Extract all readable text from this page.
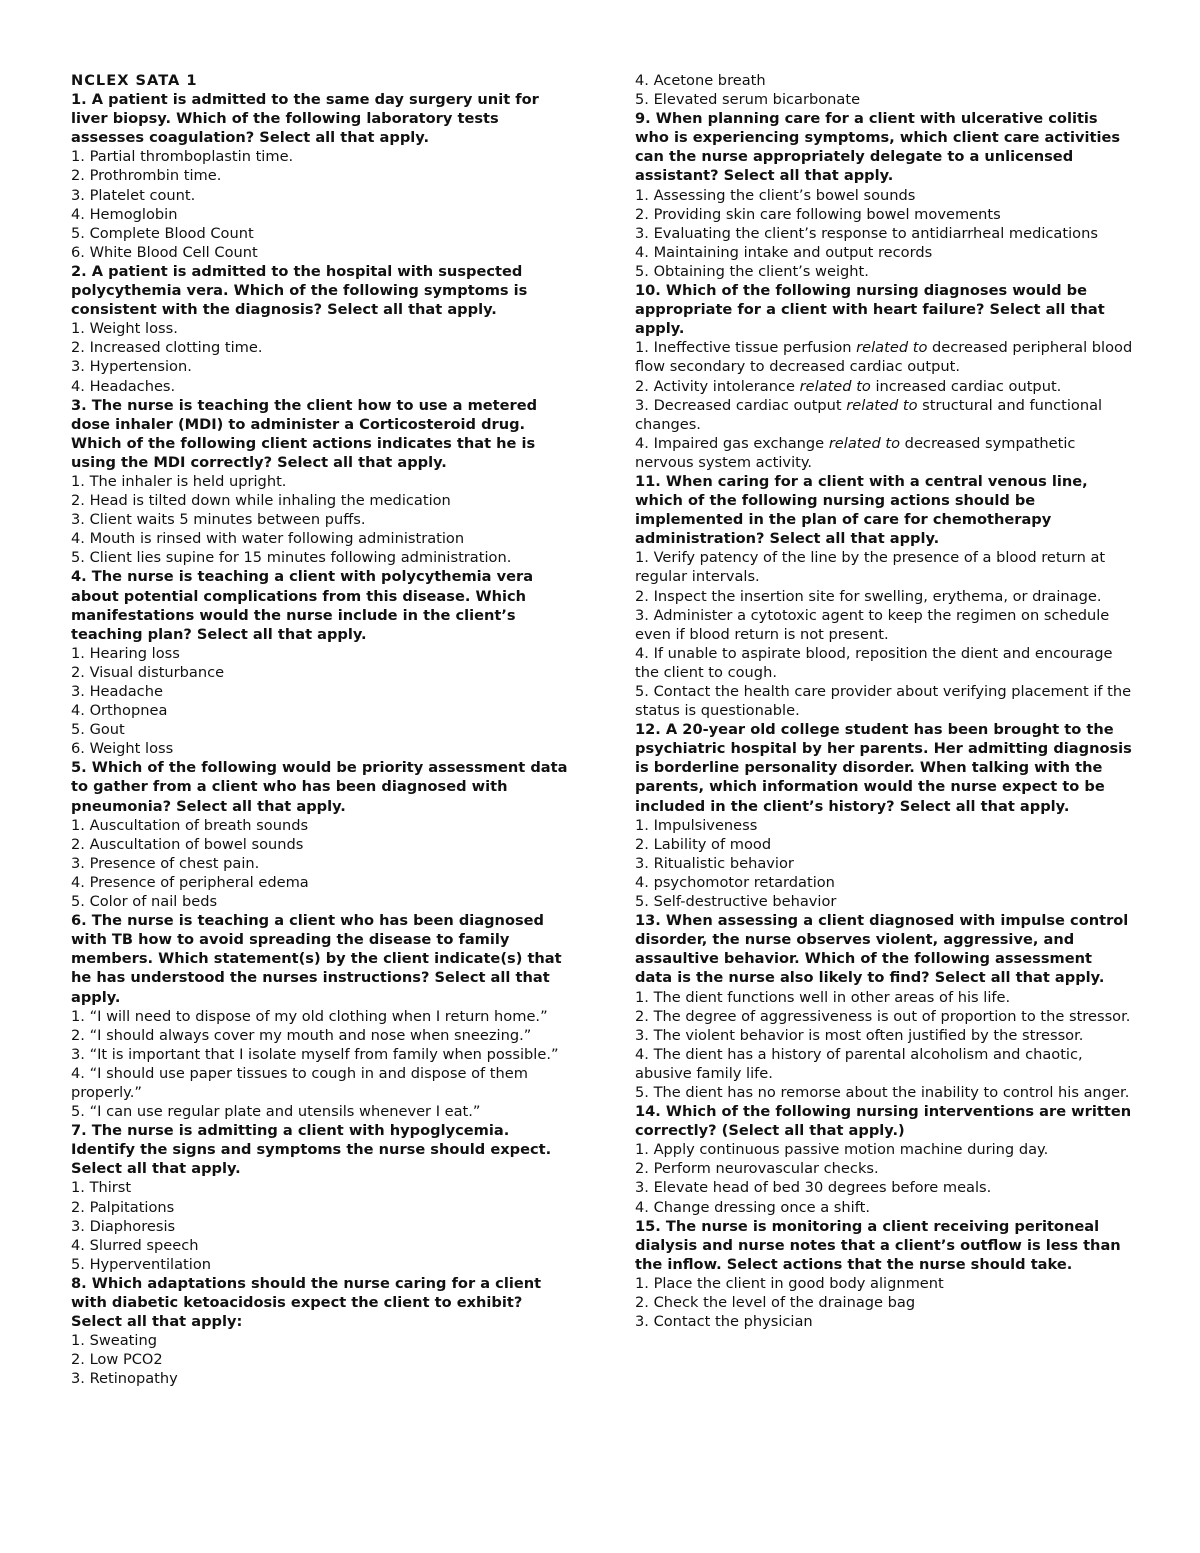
NCLEX SATA 1
1. A patient is admitted to the same day surgery unit for liver biopsy. Which of the following laboratory tests assesses coagulation? Select all that apply.
1. Partial thromboplastin time.
2. Prothrombin time.
3. Platelet count.
4. Hemoglobin
5. Complete Blood Count
6. White Blood Cell Count
2. A patient is admitted to the hospital with suspected polycythemia vera. Which of the following symptoms is consistent with the diagnosis? Select all that apply.
1. Weight loss.
2. Increased clotting time.
3. Hypertension.
4. Headaches.
3. The nurse is teaching the client how to use a metered dose inhaler (MDI) to administer a Corticosteroid drug. Which of the following client actions indicates that he is using the MDI correctly? Select all that apply.
1. The inhaler is held upright.
2. Head is tilted down while inhaling the medication
3. Client waits 5 minutes between puffs.
4. Mouth is rinsed with water following administration
5. Client lies supine for 15 minutes following administration.
4. The nurse is teaching a client with polycythemia vera about potential complications from this disease. Which manifestations would the nurse include in the client’s teaching plan? Select all that apply.
1. Hearing loss
2. Visual disturbance
3. Headache
4. Orthopnea
5. Gout
6. Weight loss
5. Which of the following would be priority assessment data to gather from a client who has been diagnosed with pneumonia? Select all that apply.
1. Auscultation of breath sounds
2. Auscultation of bowel sounds
3. Presence of chest pain.
4. Presence of peripheral edema
5. Color of nail beds
6. The nurse is teaching a client who has been diagnosed with TB how to avoid spreading the disease to family members. Which statement(s) by the client indicate(s) that he has understood the nurses instructions? Select all that apply.
1. “I will need to dispose of my old clothing when I return home.”
2. “I should always cover my mouth and nose when sneezing.”
3. “It is important that I isolate myself from family when possible.”
4. “I should use paper tissues to cough in and dispose of them properly.”
5. “I can use regular plate and utensils whenever I eat.”
7. The nurse is admitting a client with hypoglycemia. Identify the signs and symptoms the nurse should expect. Select all that apply.
1. Thirst
2. Palpitations
3. Diaphoresis
4. Slurred speech
5. Hyperventilation
8. Which adaptations should the nurse caring for a client with diabetic ketoacidosis expect the client to exhibit? Select all that apply:
1. Sweating
2. Low PCO2
3. Retinopathy
4. Acetone breath
5. Elevated serum bicarbonate
9. When planning care for a client with ulcerative colitis who is experiencing symptoms, which client care activities can the nurse appropriately delegate to a unlicensed assistant? Select all that apply.
1. Assessing the client’s bowel sounds
2. Providing skin care following bowel movements
3. Evaluating the client’s response to antidiarrheal medications
4. Maintaining intake and output records
5. Obtaining the client’s weight.
10. Which of the following nursing diagnoses would be appropriate for a client with heart failure? Select all that apply.
1. Ineffective tissue perfusion related to decreased peripheral blood flow secondary to decreased cardiac output.
2. Activity intolerance related to increased cardiac output.
3. Decreased cardiac output related to structural and functional changes.
4. Impaired gas exchange related to decreased sympathetic nervous system activity.
11. When caring for a client with a central venous line, which of the following nursing actions should be implemented in the plan of care for chemotherapy administration? Select all that apply.
1. Verify patency of the line by the presence of a blood return at regular intervals.
2. Inspect the insertion site for swelling, erythema, or drainage.
3. Administer a cytotoxic agent to keep the regimen on schedule even if blood return is not present.
4. If unable to aspirate blood, reposition the dient and encourage the client to cough.
5. Contact the health care provider about verifying placement if the status is questionable.
12. A 20-year old college student has been brought to the psychiatric hospital by her parents. Her admitting diagnosis is borderline personality disorder. When talking with the parents, which information would the nurse expect to be included in the client’s history? Select all that apply.
1. Impulsiveness
2. Lability of mood
3. Ritualistic behavior
4. psychomotor retardation
5. Self-destructive behavior
13. When assessing a client diagnosed with impulse control disorder, the nurse observes violent, aggressive, and assaultive behavior. Which of the following assessment data is the nurse also likely to find? Select all that apply.
1. The dient functions well in other areas of his life.
2. The degree of aggressiveness is out of proportion to the stressor.
3. The violent behavior is most often justified by the stressor.
4. The dient has a history of parental alcoholism and chaotic, abusive family life.
5. The dient has no remorse about the inability to control his anger.
14. Which of the following nursing interventions are written correctly? (Select all that apply.)
1. Apply continuous passive motion machine during day.
2. Perform neurovascular checks.
3. Elevate head of bed 30 degrees before meals.
4. Change dressing once a shift.
15. The nurse is monitoring a client receiving peritoneal dialysis and nurse notes that a client’s outflow is less than the inflow. Select actions that the nurse should take.
1. Place the client in good body alignment
2. Check the level of the drainage bag
3. Contact the physician
